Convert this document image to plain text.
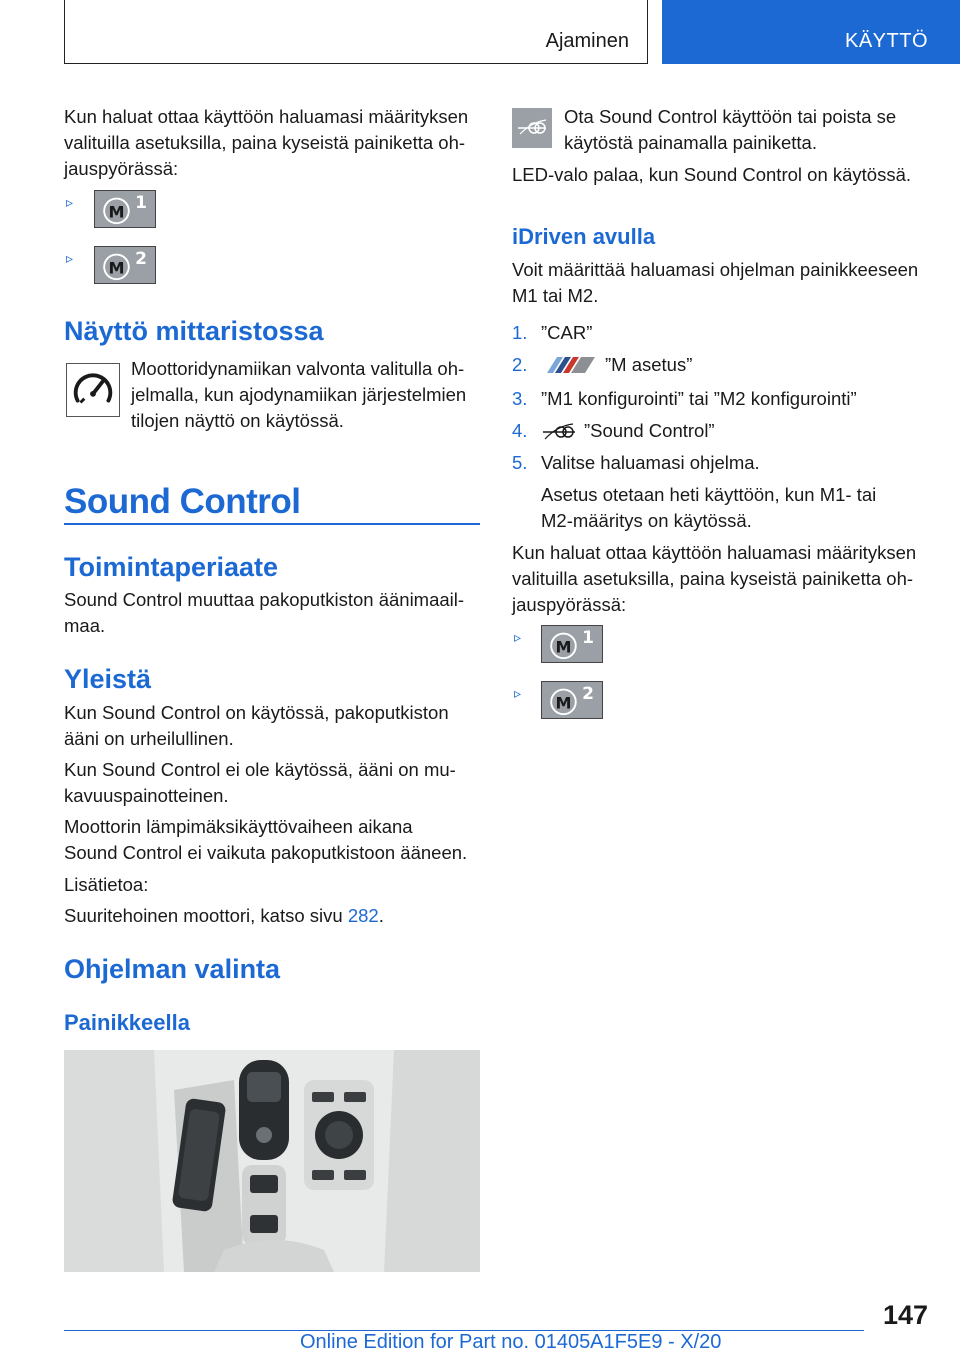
Ajaminen	KÄYTTÖ
Kun haluat ottaa käyttöön haluamasi määrityksen
valituilla asetuksilla, paina kyseistä painiketta oh-
jauspyörässä:
▹
M 1
▹
M 2
Näyttö mittaristossa
Moottoridynamiikan valvonta valitulla oh-
jelmalla, kun ajodynamiikan järjestelmien
tilojen näyttö on käytössä.
Sound Control
Toimintaperiaate
Sound Control muuttaa pakoputkiston äänimaail-
maa.
Yleistä
Kun Sound Control on käytössä, pakoputkiston
ääni on urheilullinen.
Kun Sound Control ei ole käytössä, ääni on mu-
kavuuspainotteinen.
Moottorin lämpimäksikäyttövaiheen aikana
Sound Control ei vaikuta pakoputkistoon ääneen.
Lisätietoa:
Suuritehoinen moottori, katso sivu 282.
Ohjelman valinta
Painikkeella
Ota Sound Control käyttöön tai poista se
käytöstä painamalla painiketta.
LED-valo palaa, kun Sound Control on käytössä.
iDriven avulla
Voit määrittää haluamasi ohjelman painikkeeseen
M1 tai M2.
1. ”CAR”
2.	”M asetus”
3. ”M1 konfigurointi” tai ”M2 konfigurointi”
4.	”Sound Control”
5. Valitse haluamasi ohjelma.
Asetus otetaan heti käyttöön, kun M1- tai
M2-määritys on käytössä.
Kun haluat ottaa käyttöön haluamasi määrityksen
valituilla asetuksilla, paina kyseistä painiketta oh-
jauspyörässä:
▹
M 1
▹
M 2
147
Online Edition for Part no. 01405A1F5E9 - X/20
